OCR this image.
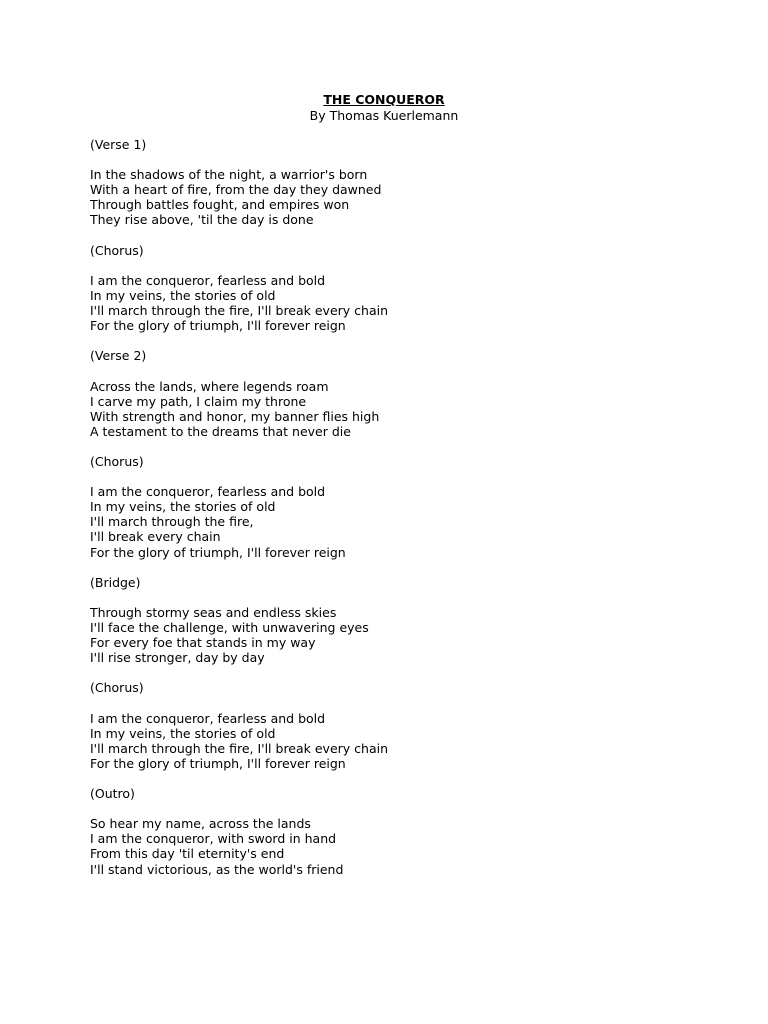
THE CONQUEROR
By Thomas Kuerlemann
(Verse 1)
In the shadows of the night, a warrior's born
With a heart of fire, from the day they dawned
Through battles fought, and empires won
They rise above, 'til the day is done
(Chorus)
I am the conqueror, fearless and bold
In my veins, the stories of old
I'll march through the fire, I'll break every chain
For the glory of triumph, I'll forever reign
(Verse 2)
Across the lands, where legends roam
I carve my path, I claim my throne
With strength and honor, my banner flies high
A testament to the dreams that never die
(Chorus)
I am the conqueror, fearless and bold
In my veins, the stories of old
I'll march through the fire,
I'll break every chain
For the glory of triumph, I'll forever reign
(Bridge)
Through stormy seas and endless skies
I'll face the challenge, with unwavering eyes
For every foe that stands in my way
I'll rise stronger, day by day
(Chorus)
I am the conqueror, fearless and bold
In my veins, the stories of old
I'll march through the fire, I'll break every chain
For the glory of triumph, I'll forever reign
(Outro)
So hear my name, across the lands
I am the conqueror, with sword in hand
From this day 'til eternity's end
I'll stand victorious, as the world's friend
